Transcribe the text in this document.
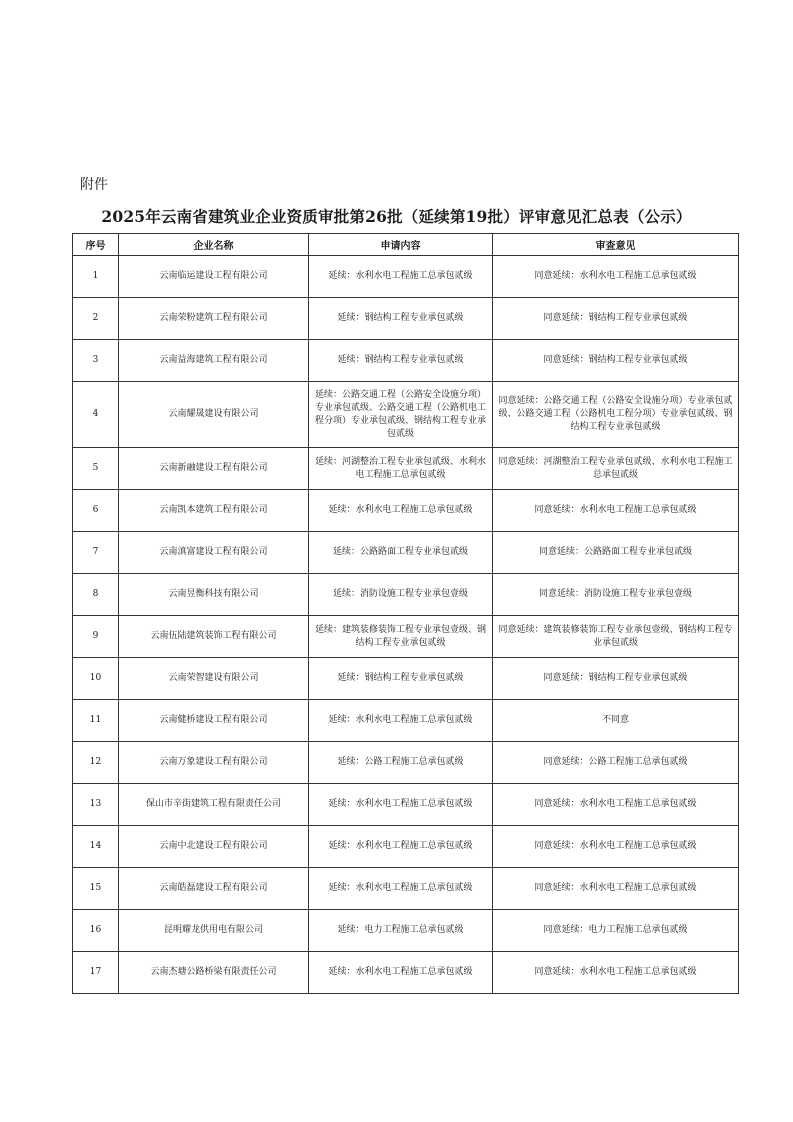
附件
2025年云南省建筑业企业资质审批第26批（延续第19批）评审意见汇总表（公示）
序号	企业名称	申请内容	审查意见
1	云南临运建设工程有限公司	延续：水利水电工程施工总承包贰级	同意延续：水利水电工程施工总承包贰级
2	云南荣粉建筑工程有限公司	延续：钢结构工程专业承包贰级	同意延续：钢结构工程专业承包贰级
3	云南益海建筑工程有限公司	延续：钢结构工程专业承包贰级	同意延续：钢结构工程专业承包贰级
4	云南耀晟建设有限公司	延续：公路交通工程（公路安全设施分项）专业承包贰级、公路交通工程（公路机电工程分项）专业承包贰级、钢结构工程专业承包贰级	同意延续：公路交通工程（公路安全设施分项）专业承包贰级、公路交通工程（公路机电工程分项）专业承包贰级、钢结构工程专业承包贰级
5	云南新融建设工程有限公司	延续：河湖整治工程专业承包贰级、水利水电工程施工总承包贰级	同意延续：河湖整治工程专业承包贰级、水利水电工程施工总承包贰级
6	云南凯本建筑工程有限公司	延续：水利水电工程施工总承包贰级	同意延续：水利水电工程施工总承包贰级
7	云南滇富建设工程有限公司	延续：公路路面工程专业承包贰级	同意延续：公路路面工程专业承包贰级
8	云南昱衡科技有限公司	延续：消防设施工程专业承包壹级	同意延续：消防设施工程专业承包壹级
9	云南伍陆建筑装饰工程有限公司	延续：建筑装修装饰工程专业承包壹级、钢结构工程专业承包贰级	同意延续：建筑装修装饰工程专业承包壹级、钢结构工程专业承包贰级
10	云南荣智建设有限公司	延续：钢结构工程专业承包贰级	同意延续：钢结构工程专业承包贰级
11	云南健桥建设工程有限公司	延续：水利水电工程施工总承包贰级	不同意
12	云南万象建设工程有限公司	延续：公路工程施工总承包贰级	同意延续：公路工程施工总承包贰级
13	保山市辛街建筑工程有限责任公司	延续：水利水电工程施工总承包贰级	同意延续：水利水电工程施工总承包贰级
14	云南中北建设工程有限公司	延续：水利水电工程施工总承包贰级	同意延续：水利水电工程施工总承包贰级
15	云南皓磊建设工程有限公司	延续：水利水电工程施工总承包贰级	同意延续：水利水电工程施工总承包贰级
16	昆明耀龙供用电有限公司	延续：电力工程施工总承包贰级	同意延续：电力工程施工总承包贰级
17	云南杰塘公路桥梁有限责任公司	延续：水利水电工程施工总承包贰级	同意延续：水利水电工程施工总承包贰级
